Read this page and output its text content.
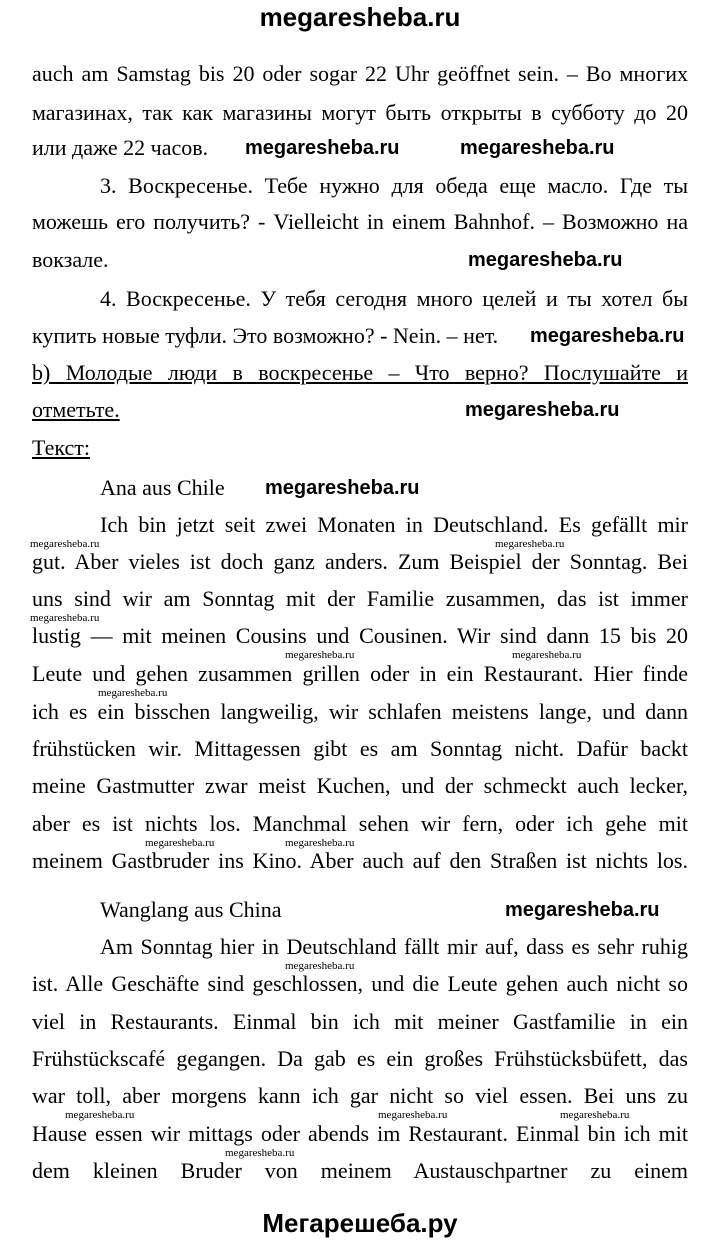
megaresheba.ru
auch am Samstag bis 20 oder sogar 22 Uhr geöffnet sein. – Во многих
магазинах, так как магазины могут быть открыты в субботу до 20
или даже 22 часов.
3. Воскресенье. Тебе нужно для обеда еще масло. Где ты
можешь его получить? - Vielleicht in einem Bahnhof. – Возможно на
вокзале.
4. Воскресенье. У тебя сегодня много целей и ты хотел бы
купить новые туфли. Это возможно? - Nein. – нет.
b) Молодые люди в воскресенье – Что верно? Послушайте и
отметьте.
Текст:
Ana aus Chile
Ich bin jetzt seit zwei Monaten in Deutschland. Es gefällt mir
gut. Aber vieles ist doch ganz anders. Zum Beispiel der Sonntag. Bei
uns sind wir am Sonntag mit der Familie zusammen, das ist immer
lustig — mit meinen Cousins und Cousinen. Wir sind dann 15 bis 20
Leute und gehen zusammen grillen oder in ein Restaurant. Hier finde
ich es ein bisschen langweilig, wir schlafen meistens lange, und dann
frühstücken wir. Mittagessen gibt es am Sonntag nicht. Dafür backt
meine Gastmutter zwar meist Kuchen, und der schmeckt auch lecker,
aber es ist nichts los. Manchmal sehen wir fern, oder ich gehe mit
meinem Gastbruder ins Kino. Aber auch auf den Straßen ist nichts los.
Wanglang aus China
Am Sonntag hier in Deutschland fällt mir auf, dass es sehr ruhig
ist. Alle Geschäfte sind geschlossen, und die Leute gehen auch nicht so
viel in Restaurants. Einmal bin ich mit meiner Gastfamilie in ein
Frühstückscafé gegangen. Da gab es ein großes Frühstücksbüfett, das
war toll, aber morgens kann ich gar nicht so viel essen. Bei uns zu
Hause essen wir mittags oder abends im Restaurant. Einmal bin ich mit
dem kleinen Bruder von meinem Austauschpartner zu einem
megaresheba.ru	megaresheba.ru
megaresheba.ru
megaresheba.ru
megaresheba.ru
megaresheba.ru
megaresheba.ru
megaresheba.ru	megaresheba.ru
megaresheba.ru
megaresheba.ru	megaresheba.ru
megaresheba.ru
megaresheba.ru	megaresheba.ru
megaresheba.ru
megaresheba.ru	megaresheba.ru	megaresheba.ru
megaresheba.ru
Мегарешеба.ру
